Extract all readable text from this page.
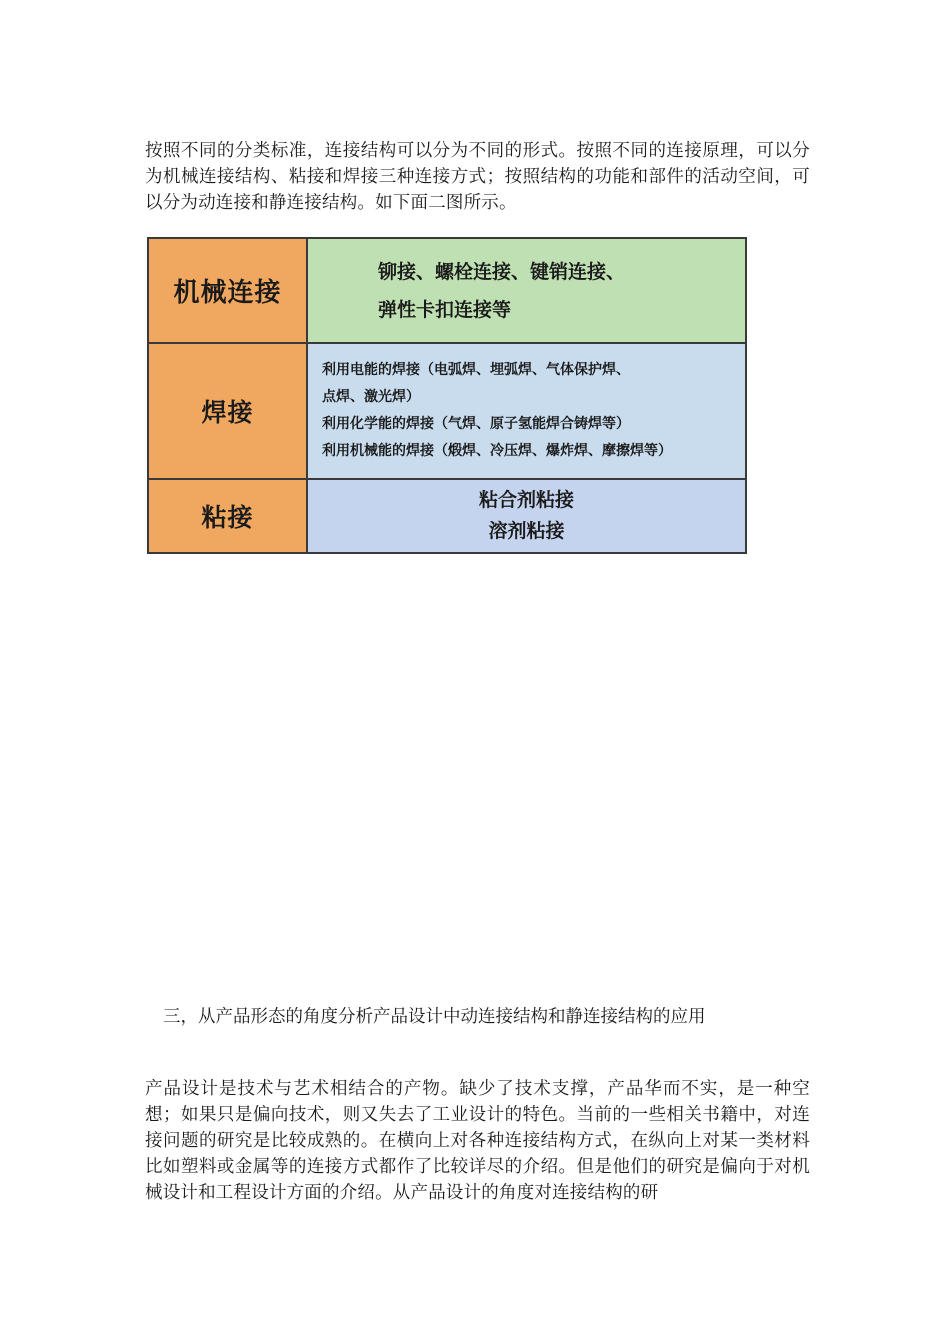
按照不同的分类标准，连接结构可以分为不同的形式。按照不同的连接原理，可以分为机械连接结构、粘接和焊接三种连接方式；按照结构的功能和部件的活动空间，可以分为动连接和静连接结构。如下面二图所示。

机械连接
铆接、螺栓连接、键销连接、
弹性卡扣连接等
焊接
利用电能的焊接（电弧焊、埋弧焊、气体保护焊、
点焊、激光焊）
利用化学能的焊接（气焊、原子氢能焊合铸焊等）
利用机械能的焊接（煅焊、冷压焊、爆炸焊、摩擦焊等）
粘接
粘合剂粘接
溶剂粘接
三，从产品形态的角度分析产品设计中动连接结构和静连接结构的应用

产品设计是技术与艺术相结合的产物。缺少了技术支撑，产品华而不实，是一种空想；如果只是偏向技术，则又失去了工业设计的特色。当前的一些相关书籍中，对连接问题的研究是比较成熟的。在横向上对各种连接结构方式，在纵向上对某一类材料比如塑料或金属等的连接方式都作了比较详尽的介绍。但是他们的研究是偏向于对机械设计和工程设计方面的介绍。从产品设计的角度对连接结构的研
